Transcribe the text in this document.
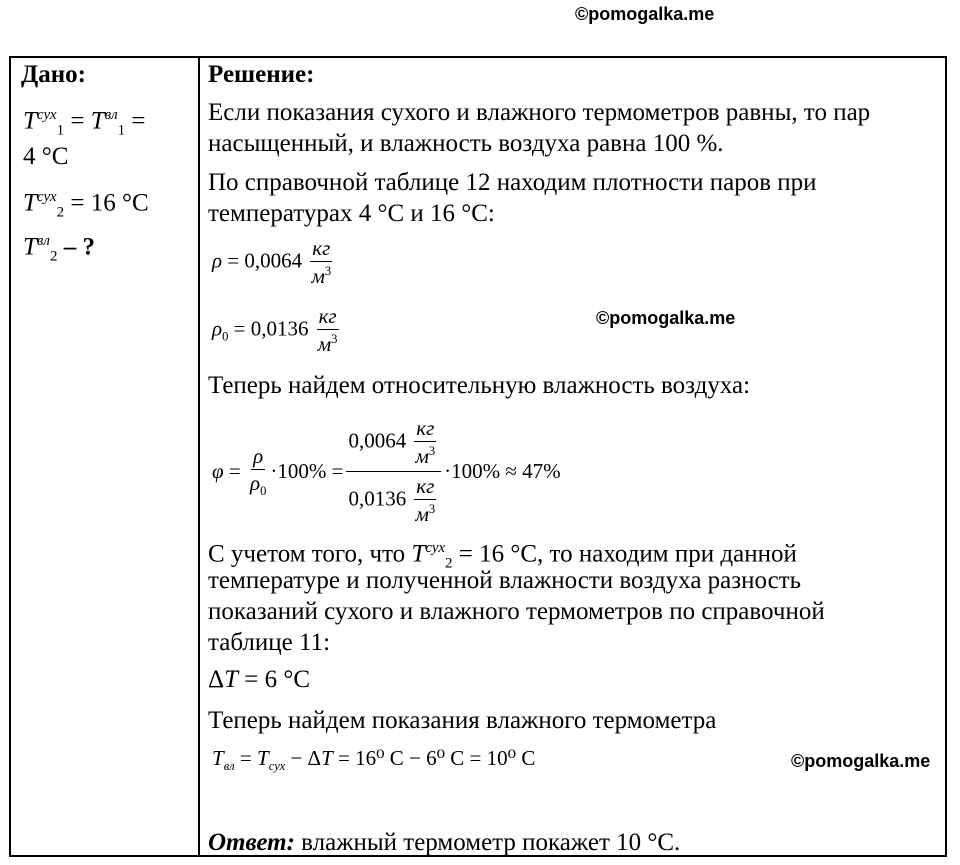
©pomogalka.me
©pomogalka.me
©pomogalka.me
Дано:
$T^{сух}_1 = T^{вл}_1$ =
4 °C
$T^{сух}_2 = 16$ °C
$T^{вл}_2$ – ?
Решение:
Если показания сухого и влажного термометров равны, то пар
насыщенный, и влажность воздуха равна 100 %.
По справочной таблице 12 находим плотности паров при
температурах 4 °C и 16 °C:
$\rho = 0,0064 \frac{кг}{м^3}$
$\rho_0 = 0,0136 \frac{кг}{м^3}$
Теперь найдем относительную влажность воздуха:
$\varphi = \frac{\rho}{\rho_0} \cdot 100\% = \frac{0,0064 \frac{кг}{м^3}}{0,0136 \frac{кг}{м^3}} \cdot 100\% \approx 47\%$
С учетом того, что $T^{сух}_2 = 16$ °C, то находим при данной
температуре и полученной влажности воздуха разность
показаний сухого и влажного термометров по справочной
таблице 11:
ΔT = 6 °C
Теперь найдем показания влажного термометра
$T_{вл} = T_{сух} - \Delta T = 16^0$ C − 6⁰ C = 10⁰ C
Ответ: влажный термометр покажет 10 °C.
